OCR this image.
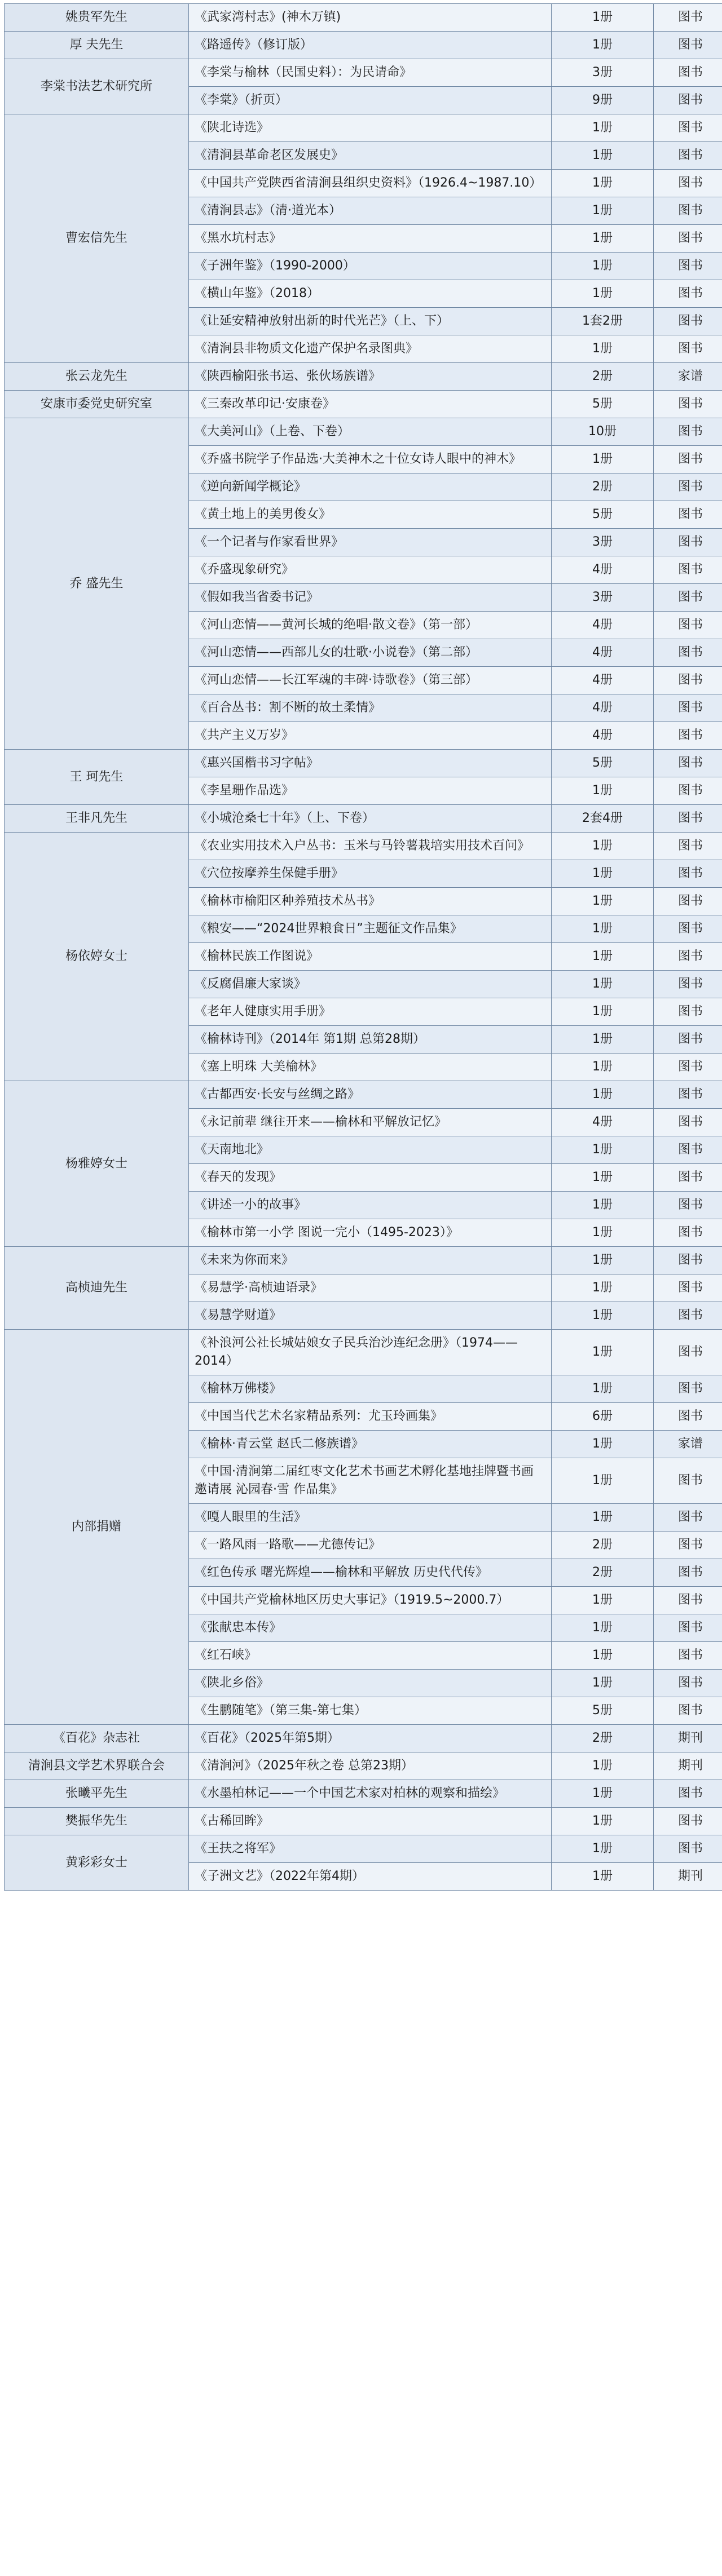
姚贵军先生	《武家湾村志》(神木万镇)	1册	图书
厚 夫先生	《路遥传》（修订版）	1册	图书
李棠书法艺术研究所	《李棠与榆林（民国史料）：为民请命》	3册	图书
	《李棠》（折页）	9册	图书
曹宏信先生	《陕北诗选》	1册	图书
	《清涧县革命老区发展史》	1册	图书
	《中国共产党陕西省清涧县组织史资料》（1926.4~1987.10）	1册	图书
	《清涧县志》（清·道光本）	1册	图书
	《黑水坑村志》	1册	图书
	《子洲年鉴》（1990-2000）	1册	图书
	《横山年鉴》（2018）	1册	图书
	《让延安精神放射出新的时代光芒》（上、下）	1套2册	图书
	《清涧县非物质文化遗产保护名录图典》	1册	图书
张云龙先生	《陕西榆阳张书运、张伙场族谱》	2册	家谱
安康市委党史研究室	《三秦改革印记·安康卷》	5册	图书
乔 盛先生	《大美河山》（上卷、下卷）	10册	图书
	《乔盛书院学子作品选·大美神木之十位女诗人眼中的神木》	1册	图书
	《逆向新闻学概论》	2册	图书
	《黄土地上的美男俊女》	5册	图书
	《一个记者与作家看世界》	3册	图书
	《乔盛现象研究》	4册	图书
	《假如我当省委书记》	3册	图书
	《河山恋情——黄河长城的绝唱·散文卷》（第一部）	4册	图书
	《河山恋情——西部儿女的壮歌·小说卷》（第二部）	4册	图书
	《河山恋情——长江军魂的丰碑·诗歌卷》（第三部）	4册	图书
	《百合丛书：割不断的故土柔情》	4册	图书
	《共产主义万岁》	4册	图书
王 珂先生	《惠兴国楷书习字帖》	5册	图书
	《李星珊作品选》	1册	图书
王非凡先生	《小城沧桑七十年》（上、下卷）	2套4册	图书
杨依婷女士	《农业实用技术入户丛书：玉米与马铃薯栽培实用技术百问》	1册	图书
	《穴位按摩养生保健手册》	1册	图书
	《榆林市榆阳区种养殖技术丛书》	1册	图书
	《粮安——“2024世界粮食日”主题征文作品集》	1册	图书
	《榆林民族工作图说》	1册	图书
	《反腐倡廉大家谈》	1册	图书
	《老年人健康实用手册》	1册	图书
	《榆林诗刊》（2014年 第1期 总第28期）	1册	图书
	《塞上明珠 大美榆林》	1册	图书
杨雅婷女士	《古都西安·长安与丝绸之路》	1册	图书
	《永记前辈 继往开来——榆林和平解放记忆》	4册	图书
	《天南地北》	1册	图书
	《春天的发现》	1册	图书
	《讲述一小的故事》	1册	图书
	《榆林市第一小学 图说一完小（1495-2023）》	1册	图书
高桢迪先生	《未来为你而来》	1册	图书
	《易慧学·高桢迪语录》	1册	图书
	《易慧学财道》	1册	图书
内部捐赠	《补浪河公社长城姑娘女子民兵治沙连纪念册》（1974——2014）	1册	图书
	《榆林万佛楼》	1册	图书
	《中国当代艺术名家精品系列：尤玉玲画集》	6册	图书
	《榆林·青云堂 赵氏二修族谱》	1册	家谱
	《中国·清涧第二届红枣文化艺术书画艺术孵化基地挂牌暨书画邀请展 沁园春·雪 作品集》	1册	图书
	《嘎人眼里的生活》	1册	图书
	《一路风雨一路歌——尤德传记》	2册	图书
	《红色传承 曙光辉煌——榆林和平解放 历史代代传》	2册	图书
	《中国共产党榆林地区历史大事记》（1919.5~2000.7）	1册	图书
	《张献忠本传》	1册	图书
	《红石峡》	1册	图书
	《陕北乡俗》	1册	图书
	《生鹏随笔》（第三集-第七集）	5册	图书
《百花》杂志社	《百花》（2025年第5期）	2册	期刊
清涧县文学艺术界联合会	《清涧河》（2025年秋之卷 总第23期）	1册	期刊
张曦平先生	《水墨柏林记——一个中国艺术家对柏林的观察和描绘》	1册	图书
樊振华先生	《古稀回眸》	1册	图书
黄彩彩女士	《王扶之将军》	1册	图书
	《子洲文艺》（2022年第4期）	1册	期刊
